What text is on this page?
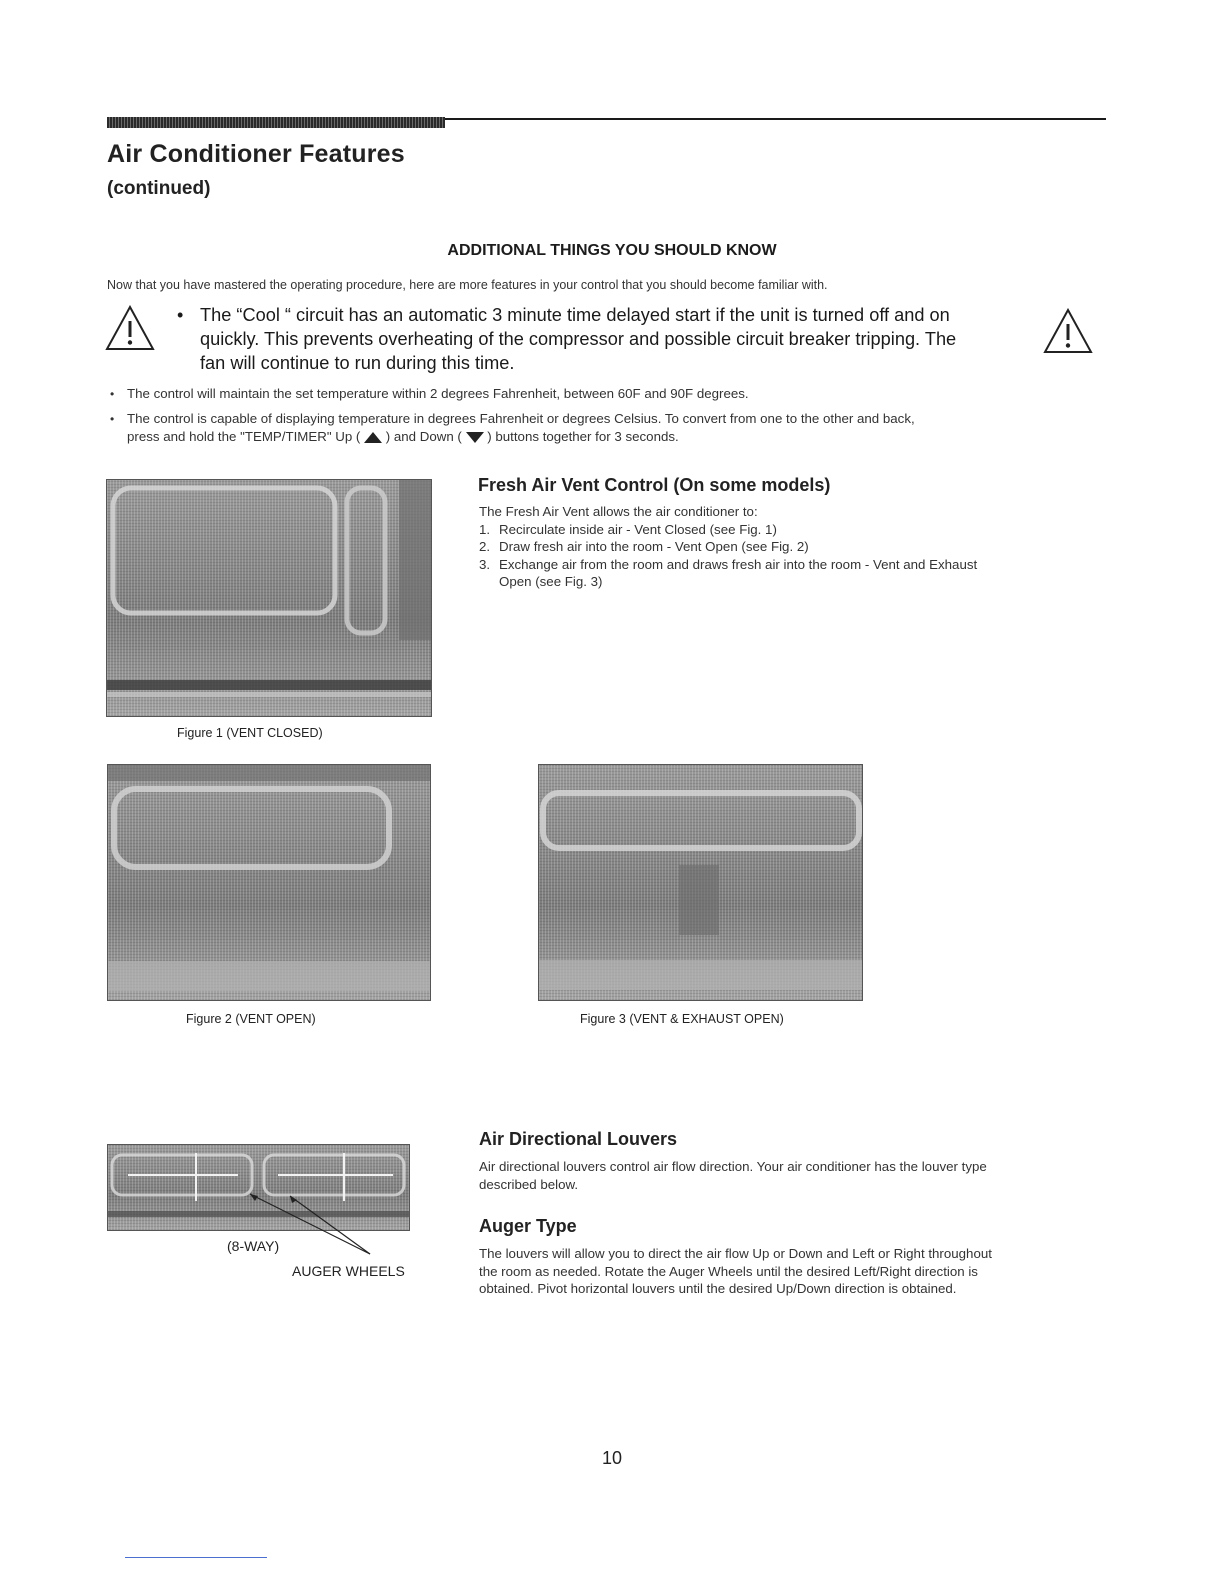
Air Conditioner Features
(continued)
ADDITIONAL THINGS YOU SHOULD KNOW
Now that you have mastered the operating procedure, here are more features in your control that you should become familiar with.
• The “Cool “ circuit has an automatic 3 minute time delayed start if the unit is turned off and on
quickly. This prevents overheating of the compressor and possible circuit breaker tripping. The
fan will continue to run during this time.
• The control will maintain the set temperature within 2 degrees Fahrenheit, between 60F and 90F degrees.
• The control is capable of displaying temperature in degrees Fahrenheit or degrees Celsius. To convert from one to the other and back,
press and hold the "TEMP/TIMER" Up (  ) and Down (  ) buttons together for 3 seconds.
Figure 1 (VENT CLOSED)
Fresh Air Vent Control (On some models)
The Fresh Air Vent allows the air conditioner to:
1. Recirculate inside air - Vent Closed (see Fig. 1)
2. Draw fresh air into the room - Vent Open (see Fig. 2)
3. Exchange air from the room and draws fresh air into the room - Vent and Exhaust
Open (see Fig. 3)
Figure 2 (VENT OPEN)	Figure 3 (VENT & EXHAUST OPEN)
(8-WAY)
AUGER WHEELS
Air Directional Louvers
Air directional louvers control air flow direction. Your air conditioner has the louver type
described below.
Auger Type
The louvers will allow you to direct the air flow Up or Down and Left or Right throughout
the room as needed. Rotate the Auger Wheels until the desired Left/Right direction is
obtained. Pivot horizontal louvers until the desired Up/Down direction is obtained.
10
